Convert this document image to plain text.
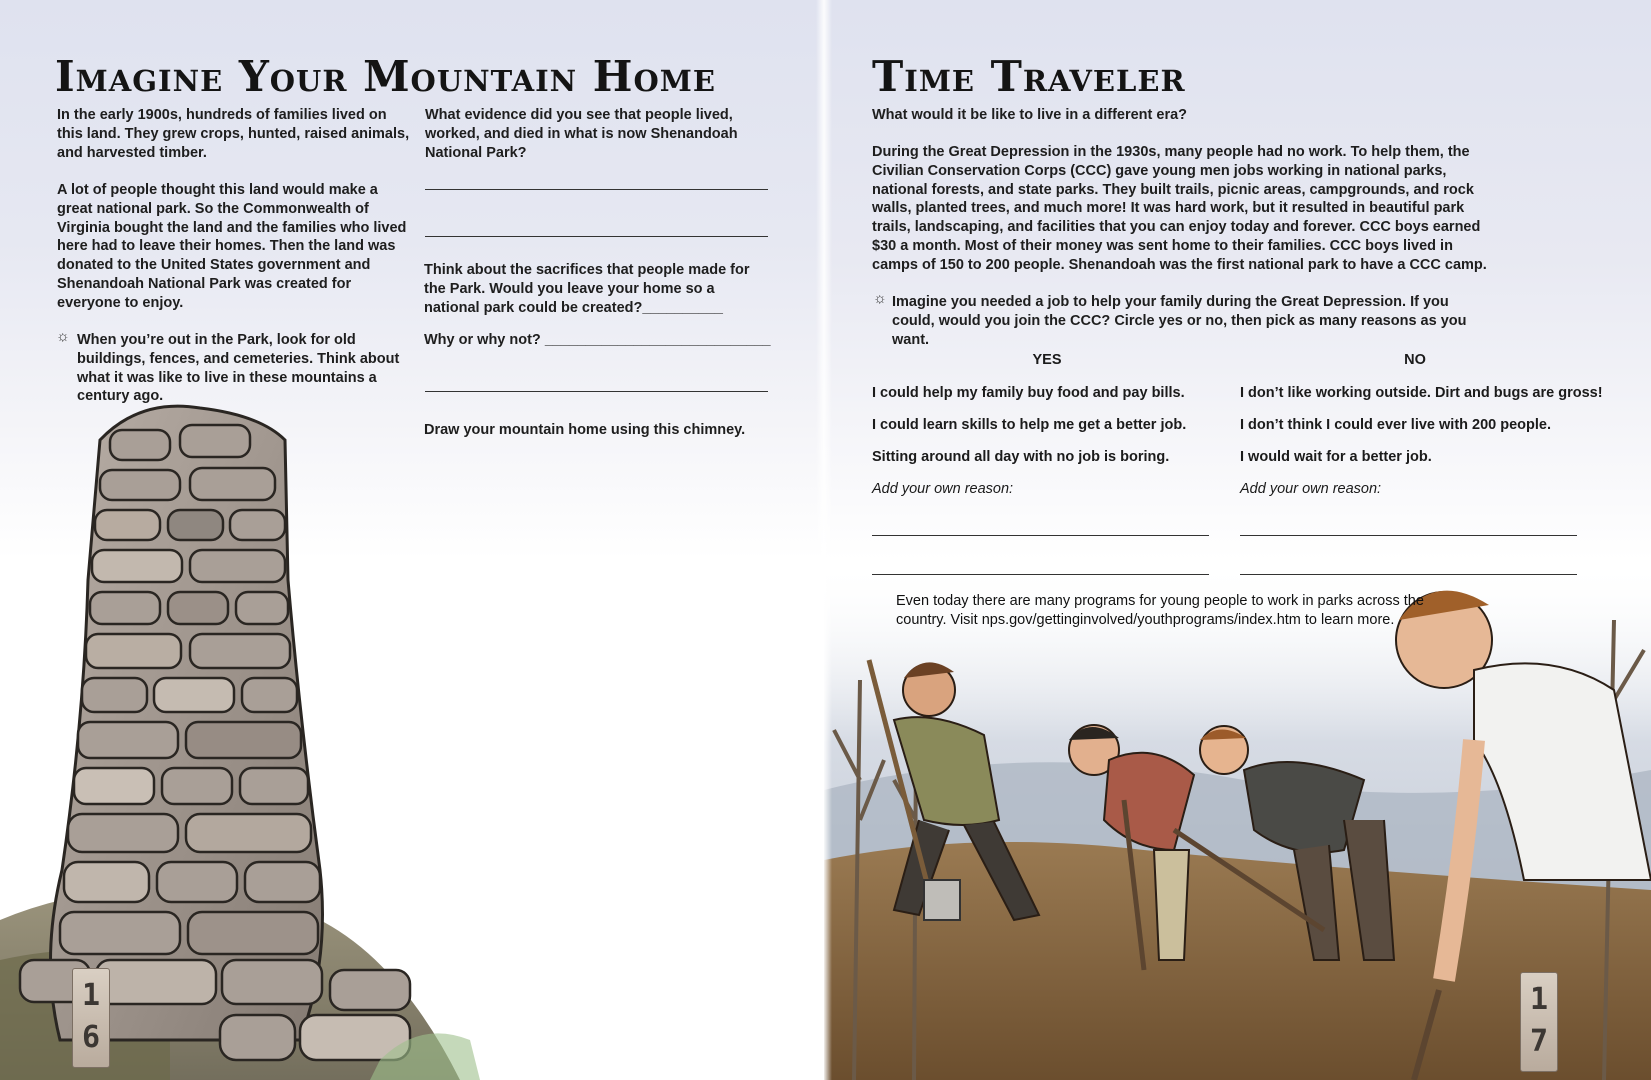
Imagine Your Mountain Home
In the early 1900s, hundreds of families lived on this land. They grew crops, hunted, raised animals, and harvested timber.
A lot of people thought this land would make a great national park. So the Commonwealth of Virginia bought the land and the families who lived here had to leave their homes. Then the land was donated to the United States government and Shenandoah National Park was created for everyone to enjoy.
☼ When you’re out in the Park, look for old buildings, fences, and cemeteries. Think about what it was like to live in these mountains a century ago.
What evidence did you see that people lived, worked, and died in what is now Shenandoah National Park?
Think about the sacrifices that people made for the Park. Would you leave your home so a national park could be created?__________
Why or why not? ____________________________
Draw your mountain home using this chimney.
1
6
Time Traveler
What would it be like to live in a different era?
During the Great Depression in the 1930s, many people had no work. To help them, the Civilian Conservation Corps (CCC) gave young men jobs working in national parks, national forests, and state parks. They built trails, picnic areas, campgrounds, and rock walls, planted trees, and much more! It was hard work, but it resulted in beautiful park trails, landscaping, and facilities that you can enjoy today and forever. CCC boys earned $30 a month. Most of their money was sent home to their families. CCC boys lived in camps of 150 to 200 people. Shenandoah was the first national park to have a CCC camp.
☼ Imagine you needed a job to help your family during the Great Depression. If you could, would you join the CCC? Circle yes or no, then pick as many reasons as you want.
YES	NO
I could help my family buy food and pay bills.
I could learn skills to help me get a better job.
Sitting around all day with no job is boring.
Add your own reason:
I don’t like working outside. Dirt and bugs are gross!
I don’t think I could ever live with 200 people.
I would wait for a better job.
Add your own reason:
Even today there are many programs for young people to work in parks across the country. Visit nps.gov/gettinginvolved/youthprograms/index.htm to learn more.
1
7
